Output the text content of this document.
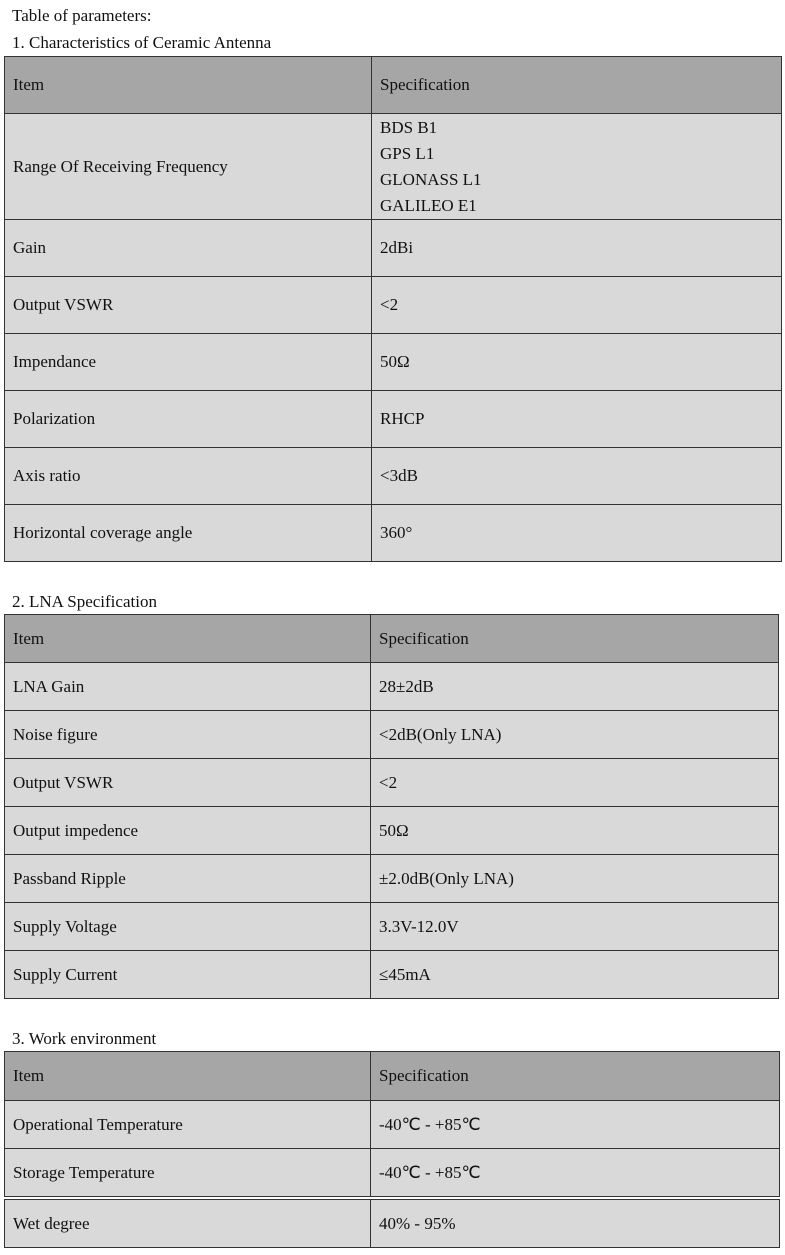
Table of parameters:
1. Characteristics of Ceramic Antenna
Item	Specification
Range Of Receiving Frequency	BDS B1
GPS L1
GLONASS L1
GALILEO E1

Gain	2dBi
Output VSWR	<2
Impendance	50Ω
Polarization	RHCP
Axis ratio	<3dB
Horizontal coverage angle	360°
2. LNA Specification
Item	Specification
LNA Gain	28±2dB
Noise figure	<2dB(Only LNA)
Output VSWR	<2
Output impedence	50Ω
Passband Ripple	±2.0dB(Only LNA)
Supply Voltage	3.3V-12.0V
Supply Current	≤45mA
3. Work environment
Item	Specification
Operational Temperature	-40℃ - +85℃
Storage Temperature	-40℃ - +85℃
Wet degree	40% - 95%
